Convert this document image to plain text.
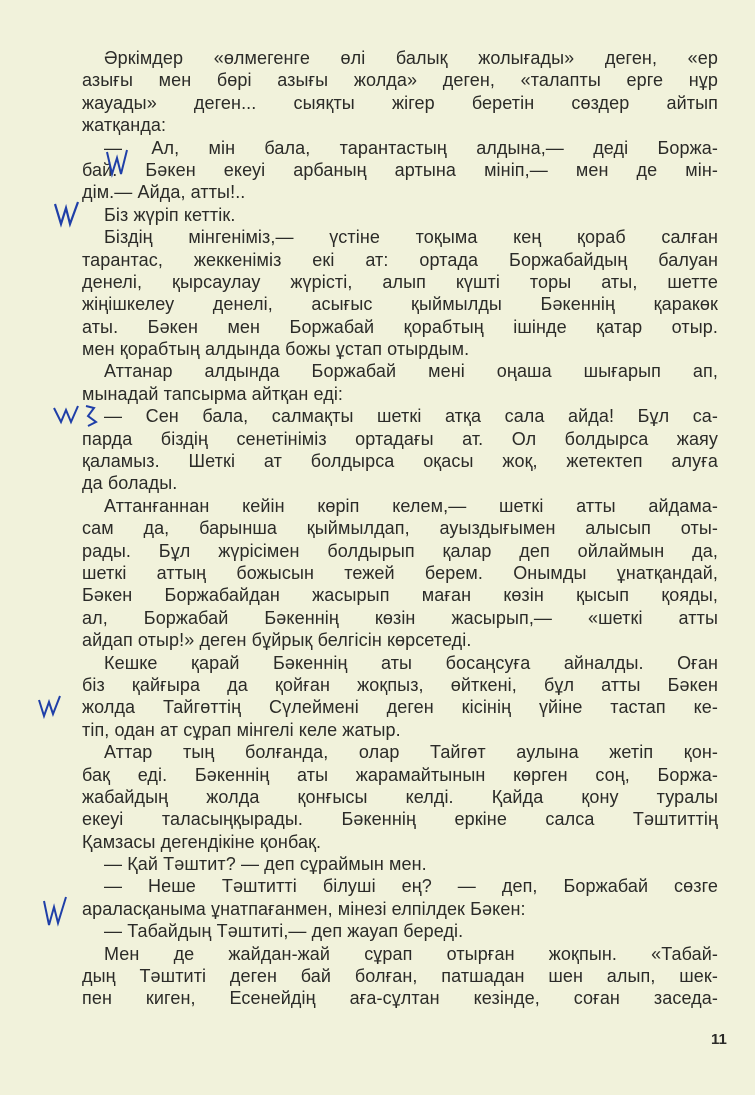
Әркімдер «өлмегенге өлі балық жолығады» деген, «ер
азығы мен бөрі азығы жолда» деген, «талапты ерге нұр
жауады» деген... сыяқты жігер беретін сөздер айтып
жатқанда:
— Ал, мін бала, тарантастың алдына,— деді Боржа-
бай. Бәкен екеуі арбаның артына мініп,— мен де мін-
дім.— Айда, атты!..
Біз жүріп кеттік.
Біздің мінгеніміз,— үстіне тоқыма кең қораб салған
тарантас, жеккеніміз екі ат: ортада Боржабайдың балуан
денелі, қырсаулау жүрісті, алып күшті торы аты, шетте
жіңішкелеу денелі, асығыс қыймылды Бәкеннің қаракөк
аты. Бәкен мен Боржабай қорабтың ішінде қатар отыр.
мен қорабтың алдында божы ұстап отырдым.
Аттанар алдында Боржабай мені оңаша шығарып ап,
мынадай тапсырма айтқан еді:
— Сен бала, салмақты шеткі атқа сала айда! Бұл са-
парда біздің сенетініміз ортадағы ат. Ол болдырса жаяу
қаламыз. Шеткі ат болдырса оқасы жоқ, жетектеп алуға
да болады.
Аттанғаннан кейін көріп келем,— шеткі атты айдама-
сам да, барынша қыймылдап, ауыздығымен алысып оты-
рады. Бұл жүрісімен болдырып қалар деп ойлаймын да,
шеткі аттың божысын тежей берем. Онымды ұнатқандай,
Бәкен Боржабайдан жасырып маған көзін қысып қояды,
ал, Боржабай Бәкеннің көзін жасырып,— «шеткі атты
айдап отыр!» деген бұйрық белгісін көрсетеді.
Кешке қарай Бәкеннің аты босаңсуға айналды. Оған
біз қайғыра да қойған жоқпыз, өйткені, бұл атты Бәкен
жолда Тайгөттің Сүлеймені деген кісінің үйіне тастап ке-
тіп, одан ат сұрап мінгелі келе жатыр.
Аттар тың болғанда, олар Тайгөт аулына жетіп қон-
бақ еді. Бәкеннің аты жарамайтынын көрген соң, Боржа-
жабайдың жолда қонғысы келді. Қайда қону туралы
екеуі таласыңқырады. Бәкеннің еркіне салса Тәштиттің
Қамзасы дегендікіне қонбақ.
— Қай Тәштит? — деп сұраймын мен.
— Неше Тәштитті білуші ең? — деп, Боржабай сөзге
араласқаныма ұнатпағанмен, мінезі елпілдек Бәкен:
— Табайдың Тәштиті,— деп жауап береді.
Мен де жайдан-жай сұрап отырған жоқпын. «Табай-
дың Тәштиті деген бай болған, патшадан шен алып, шек-
пен киген, Есенейдің аға-сұлтан кезінде, соған заседа-
11
